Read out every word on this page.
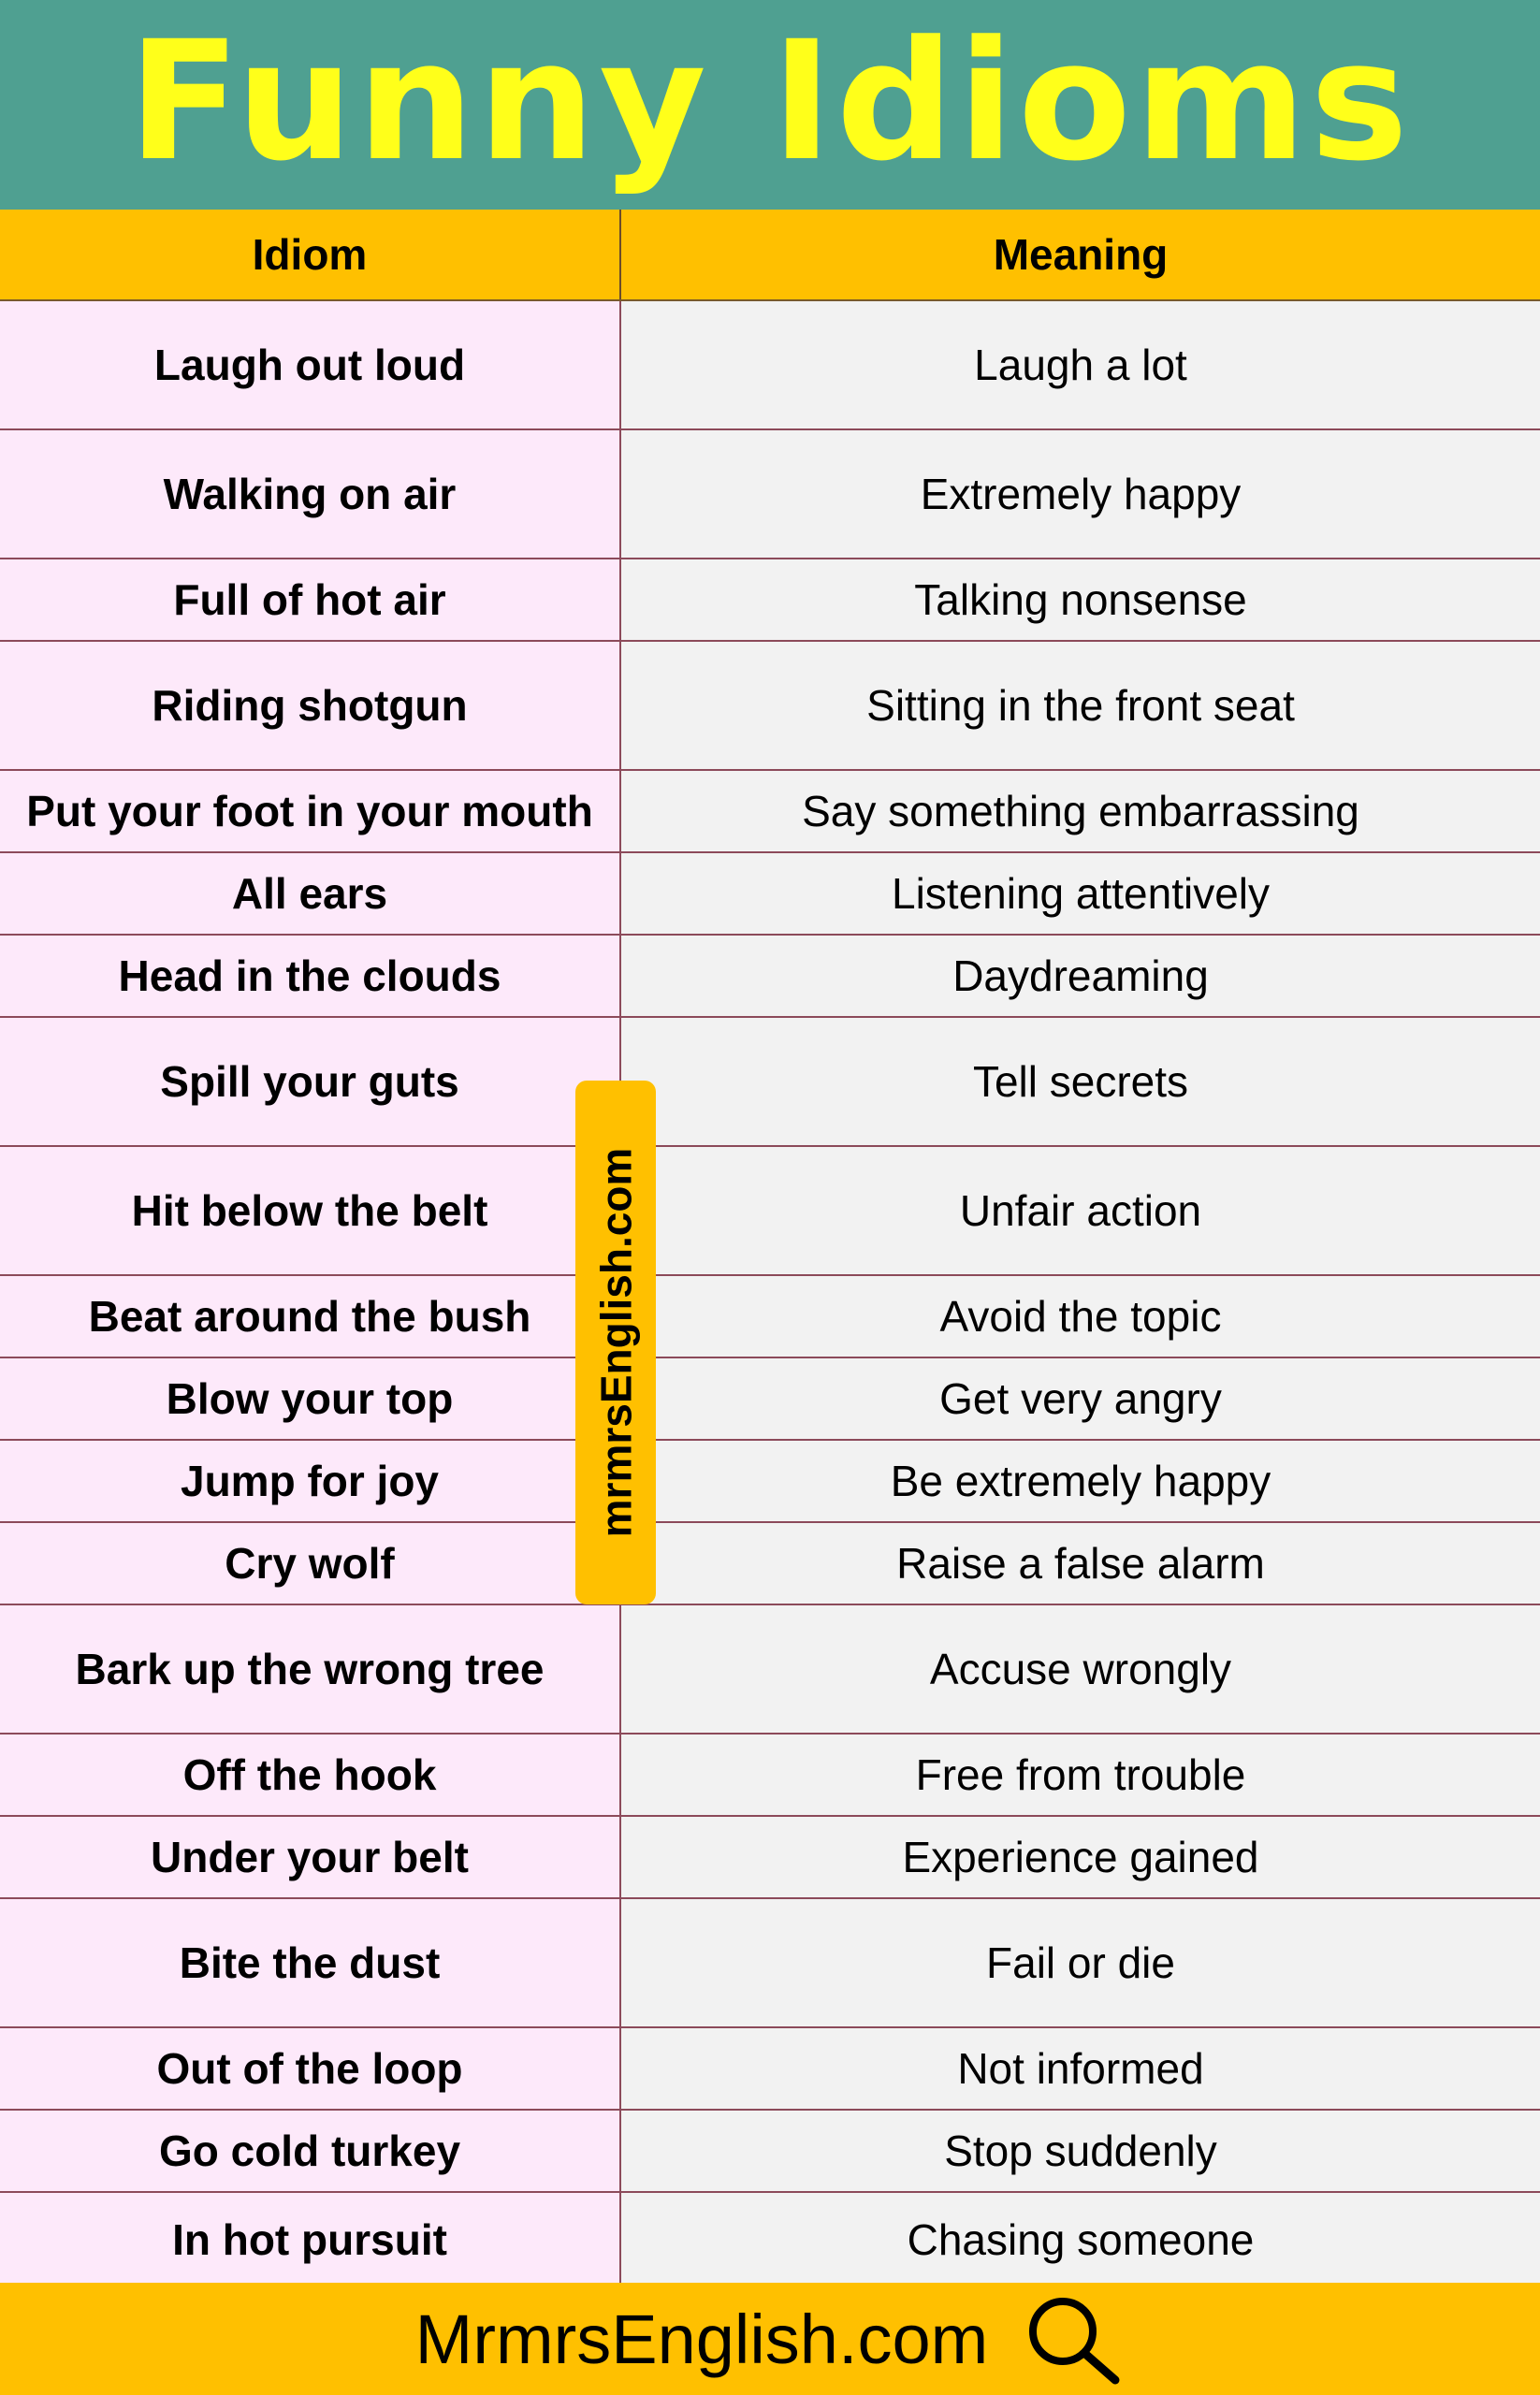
Funny Idioms
Idiom	Meaning
Laugh out loud	Laugh a lot
Walking on air	Extremely happy
Full of hot air	Talking nonsense
Riding shotgun	Sitting in the front seat
Put your foot in your mouth	Say something embarrassing
All ears	Listening attentively
Head in the clouds	Daydreaming
Spill your guts	Tell secrets
Hit below the belt	Unfair action
Beat around the bush	Avoid the topic
Blow your top	Get very angry
Jump for joy	Be extremely happy
Cry wolf	Raise a false alarm
Bark up the wrong tree	Accuse wrongly
Off the hook	Free from trouble
Under your belt	Experience gained
Bite the dust	Fail or die
Out of the loop	Not informed
Go cold turkey	Stop suddenly
In hot pursuit	Chasing someone
mrmrsEnglish.com
MrmrsEnglish.com
